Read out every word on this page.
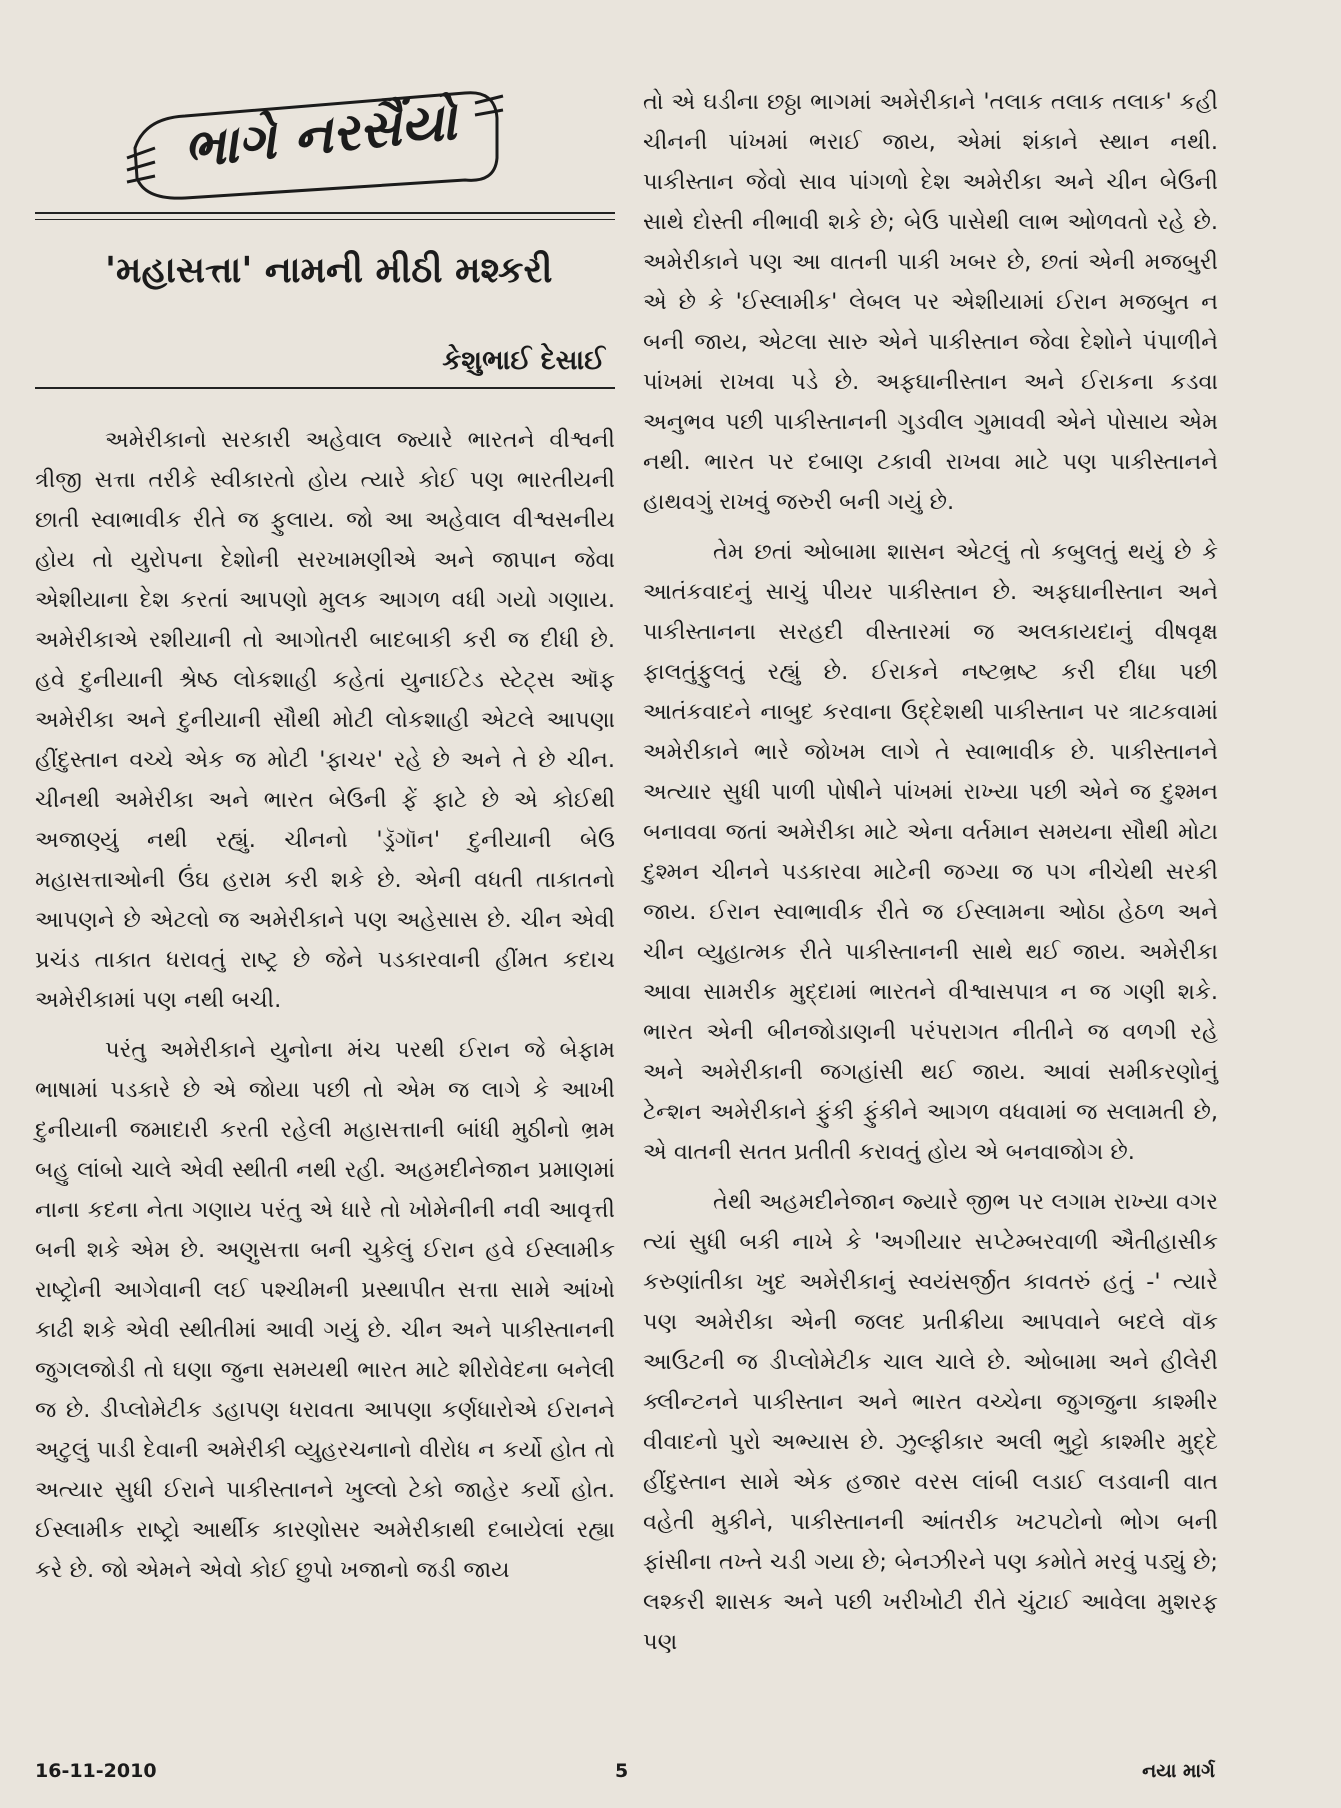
ભાગે નરસૈંયો
'મહાસત્તા' નામની મીઠી મશ્કરી
કેશુભાઈ દેસાઈ

અમેરીકાનો સરકારી અહેવાલ જ્યારે ભારતને વીશ્વની ત્રીજી સત્તા તરીકે સ્વીકારતો હોય ત્યારે કોઈ પણ ભારતીયની છાતી સ્વાભાવીક રીતે જ ફુલાય. જો આ અહેવાલ વીશ્વસનીય હોય તો યુરોપના દેશોની સરખામણીએ અને જાપાન જેવા એશીયાના દેશ કરતાં આપણો મુલક આગળ વધી ગયો ગણાય. અમેરીકાએ રશીયાની તો આગોતરી બાદબાકી કરી જ દીધી છે. હવે દુનીયાની શ્રેષ્ઠ લોકશાહી કહેતાં યુનાઈટેડ સ્ટેટ્સ ઑફ અમેરીકા અને દુનીયાની સૌથી મોટી લોકશાહી એટલે આપણા હીંદુસ્તાન વચ્ચે એક જ મોટી 'ફાચર' રહે છે અને તે છે ચીન. ચીનથી અમેરીકા અને ભારત બેઉની ફેં ફાટે છે એ કોઈથી અજાણ્યું નથી રહ્યું. ચીનનો 'ડ્રૅગૉન' દુનીયાની બેઉ મહાસત્તાઓની ઉંઘ હરામ કરી શકે છે. એની વધતી તાકાતનો આપણને છે એટલો જ અમેરીકાને પણ અહેસાસ છે. ચીન એવી પ્રચંડ તાકાત ધરાવતું રાષ્ટ્ર છે જેને પડકારવાની હીંમત કદાચ અમેરીકામાં પણ નથી બચી.

પરંતુ અમેરીકાને યુનોના મંચ પરથી ઈરાન જે બેફામ ભાષામાં પડકારે છે એ જોયા પછી તો એમ જ લાગે કે આખી દુનીયાની જમાદારી કરતી રહેલી મહાસત્તાની બાંધી મુઠીનો ભ્રમ બહુ લાંબો ચાલે એવી સ્થીતી નથી રહી. અહમદીનેજાન પ્રમાણમાં નાના કદના નેતા ગણાય પરંતુ એ ધારે તો ખોમેનીની નવી આવૃત્તી બની શકે એમ છે. અણુસત્તા બની ચુકેલું ઈરાન હવે ઈસ્લામીક રાષ્ટ્રોની આગેવાની લઈ પશ્ચીમની પ્રસ્થાપીત સત્તા સામે આંખો કાઢી શકે એવી સ્થીતીમાં આવી ગયું છે. ચીન અને પાકીસ્તાનની જુગલજોડી તો ઘણા જુના સમયથી ભારત માટે શીરોવેદના બનેલી જ છે. ડીપ્લોમેટીક ડહાપણ ધરાવતા આપણા કર્ણધારોએ ઈરાનને અટુલું પાડી દેવાની અમેરીકી વ્યુહરચનાનો વીરોધ ન કર્યો હોત તો અત્યાર સુધી ઈરાને પાકીસ્તાનને ખુલ્લો ટેકો જાહેર કર્યો હોત. ઈસ્લામીક રાષ્ટ્રો આર્થીક કારણોસર અમેરીકાથી દબાયેલાં રહ્યા કરે છે. જો એમને એવો કોઈ છુપો ખજાનો જડી જાય

તો એ ઘડીના છઠ્ઠા ભાગમાં અમેરીકાને 'તલાક તલાક તલાક' કહી ચીનની પાંખમાં ભરાઈ જાય, એમાં શંકાને સ્થાન નથી. પાકીસ્તાન જેવો સાવ પાંગળો દેશ અમેરીકા અને ચીન બેઉની સાથે દોસ્તી નીભાવી શકે છે; બેઉ પાસેથી લાભ ઓળવતો રહે છે. અમેરીકાને પણ આ વાતની પાકી ખબર છે, છતાં એની મજબુરી એ છે કે 'ઈસ્લામીક' લેબલ પર એશીયામાં ઈરાન મજબુત ન બની જાય, એટલા સારુ એને પાકીસ્તાન જેવા દેશોને પંપાળીને પાંખમાં રાખવા પડે છે. અફઘાનીસ્તાન અને ઈરાકના કડવા અનુભવ પછી પાકીસ્તાનની ગુડવીલ ગુમાવવી એને પોસાય એમ નથી. ભારત પર દબાણ ટકાવી રાખવા માટે પણ પાકીસ્તાનને હાથવગું રાખવું જરુરી બની ગયું છે.

તેમ છતાં ઓબામા શાસન એટલું તો કબુલતું થયું છે કે આતંકવાદનું સાચું પીયર પાકીસ્તાન છે. અફઘાનીસ્તાન અને પાકીસ્તાનના સરહદી વીસ્તારમાં જ અલકાયદાનું વીષવૃક્ષ ફાલતુંફુલતું રહ્યું છે. ઈરાકને નષ્ટભ્રષ્ટ કરી દીધા પછી આતંકવાદને નાબુદ કરવાના ઉદ્દેશથી પાકીસ્તાન પર ત્રાટકવામાં અમેરીકાને ભારે જોખમ લાગે તે સ્વાભાવીક છે. પાકીસ્તાનને અત્યાર સુધી પાળી પોષીને પાંખમાં રાખ્યા પછી એને જ દુશ્મન બનાવવા જતાં અમેરીકા માટે એના વર્તમાન સમયના સૌથી મોટા દુશ્મન ચીનને પડકારવા માટેની જગ્યા જ પગ નીચેથી સરકી જાય. ઈરાન સ્વાભાવીક રીતે જ ઈસ્લામના ઓઠા હેઠળ અને ચીન વ્યુહાત્મક રીતે પાકીસ્તાનની સાથે થઈ જાય. અમેરીકા આવા સામરીક મુદ્દામાં ભારતને વીશ્વાસપાત્ર ન જ ગણી શકે. ભારત એની બીનજોડાણની પરંપરાગત નીતીને જ વળગી રહે અને અમેરીકાની જગહાંસી થઈ જાય. આવાં સમીકરણોનું ટેન્શન અમેરીકાને ફુંકી ફુંકીને આગળ વધવામાં જ સલામતી છે, એ વાતની સતત પ્રતીતી કરાવતું હોય એ બનવાજોગ છે.

તેથી અહમદીનેજાન જ્યારે જીભ પર લગામ રાખ્યા વગર ત્યાં સુધી બકી નાખે કે 'અગીયાર સપ્ટેમ્બરવાળી ઐતીહાસીક કરુણાંતીકા ખુદ અમેરીકાનું સ્વયંસર્જીત કાવતરું હતું -' ત્યારે પણ અમેરીકા એની જલદ પ્રતીક્રીયા આપવાને બદલે વૉક આઉટની જ ડીપ્લોમેટીક ચાલ ચાલે છે. ઓબામા અને હીલેરી ક્લીન્ટનને પાકીસ્તાન અને ભારત વચ્ચેના જુગજુના કાશ્મીર વીવાદનો પુરો અભ્યાસ છે. ઝુલ્ફીકાર અલી ભુટ્ટો કાશ્મીર મુદ્દે હીંદુસ્તાન સામે એક હજાર વરસ લાંબી લડાઈ લડવાની વાત વહેતી મુકીને, પાકીસ્તાનની આંતરીક ખટપટોનો ભોગ બની ફાંસીના તખ્તે ચડી ગયા છે; બેનઝીરને પણ કમોતે મરવું પડ્યું છે; લશ્કરી શાસક અને પછી ખરીખોટી રીતે ચુંટાઈ આવેલા મુશરફ પણ

16-11-2010	5	નયા માર્ગ
